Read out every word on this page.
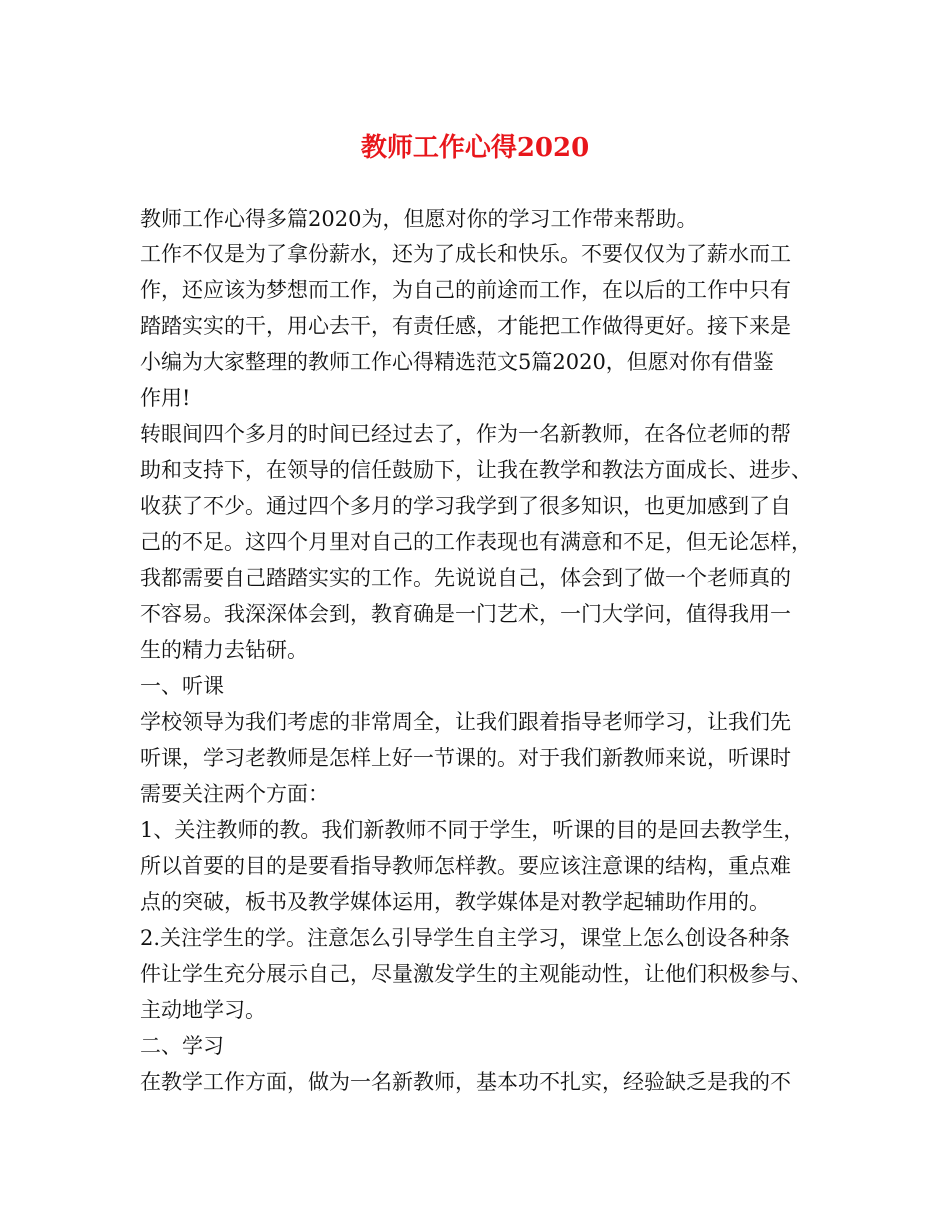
教师工作心得2020

教师工作心得多篇2020为，但愿对你的学习工作带来帮助。

工作不仅是为了拿份薪水，还为了成长和快乐。不要仅仅为了薪水而工

作，还应该为梦想而工作，为自己的前途而工作，在以后的工作中只有

踏踏实实的干，用心去干，有责任感，才能把工作做得更好。接下来是

小编为大家整理的教师工作心得精选范文5篇2020，但愿对你有借鉴

作用!

转眼间四个多月的时间已经过去了，作为一名新教师，在各位老师的帮

助和支持下，在领导的信任鼓励下，让我在教学和教法方面成长、进步、

收获了不少。通过四个多月的学习我学到了很多知识，也更加感到了自

己的不足。这四个月里对自己的工作表现也有满意和不足，但无论怎样，

我都需要自己踏踏实实的工作。先说说自己，体会到了做一个老师真的

不容易。我深深体会到，教育确是一门艺术，一门大学问，值得我用一

生的精力去钻研。

一、听课

学校领导为我们考虑的非常周全，让我们跟着指导老师学习，让我们先

听课，学习老教师是怎样上好一节课的。对于我们新教师来说，听课时

需要关注两个方面：

1、关注教师的教。我们新教师不同于学生，听课的目的是回去教学生，

所以首要的目的是要看指导教师怎样教。要应该注意课的结构，重点难

点的突破，板书及教学媒体运用，教学媒体是对教学起辅助作用的。

2.关注学生的学。注意怎么引导学生自主学习，课堂上怎么创设各种条

件让学生充分展示自己，尽量激发学生的主观能动性，让他们积极参与、

主动地学习。

二、学习

在教学工作方面，做为一名新教师，基本功不扎实，经验缺乏是我的不
